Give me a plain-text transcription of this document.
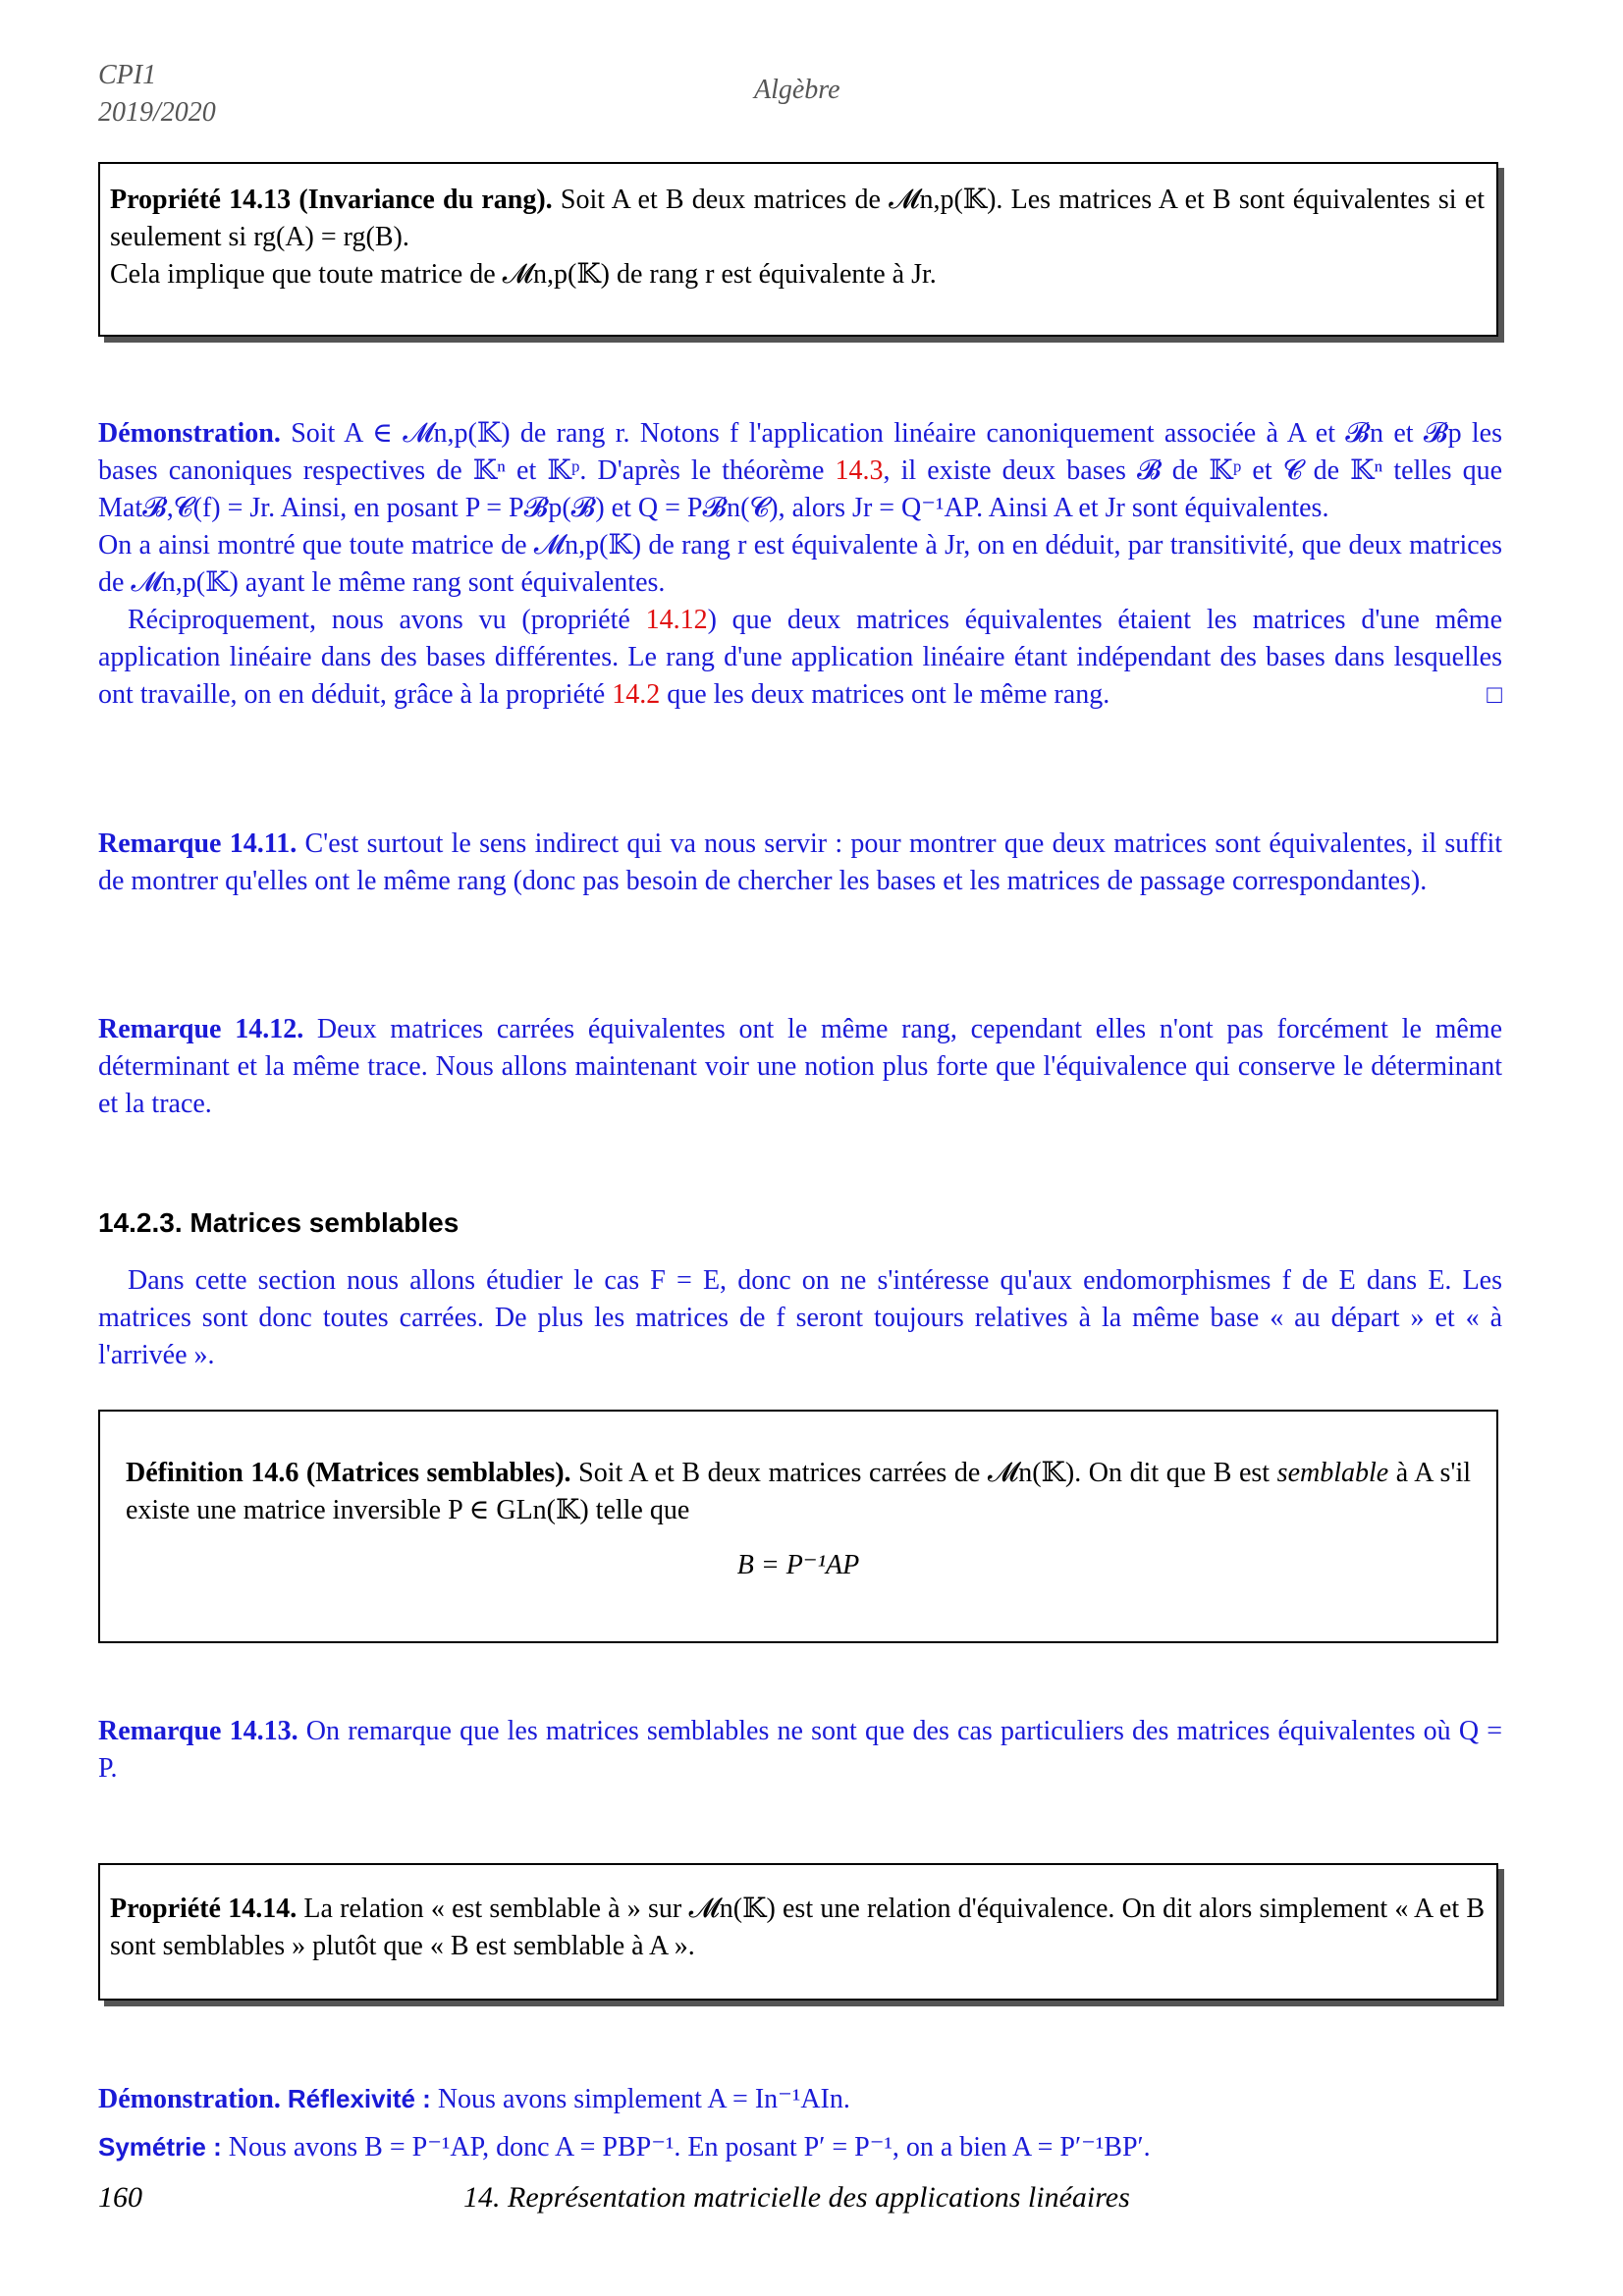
CPI1
2019/2020
Algèbre
Propriété 14.13 (Invariance du rang). Soit A et B deux matrices de 𝓜n,p(𝕂). Les matrices A et B sont équivalentes si et seulement si rg(A) = rg(B).
Cela implique que toute matrice de 𝓜n,p(𝕂) de rang r est équivalente à Jr.
Démonstration. Soit A ∈ 𝓜n,p(𝕂) de rang r. Notons f l'application linéaire canoniquement associée à A et 𝓑n et 𝓑p les bases canoniques respectives de 𝕂ⁿ et 𝕂ᵖ. D'après le théorème 14.3, il existe deux bases 𝓑 de 𝕂ᵖ et 𝓒 de 𝕂ⁿ telles que Mat𝓑,𝓒(f) = Jr. Ainsi, en posant P = P𝓑p(𝓑) et Q = P𝓑n(𝓒), alors Jr = Q⁻¹AP. Ainsi A et Jr sont équivalentes.
On a ainsi montré que toute matrice de 𝓜n,p(𝕂) de rang r est équivalente à Jr, on en déduit, par transitivité, que deux matrices de 𝓜n,p(𝕂) ayant le même rang sont équivalentes.
Réciproquement, nous avons vu (propriété 14.12) que deux matrices équivalentes étaient les matrices d'une même application linéaire dans des bases différentes. Le rang d'une application linéaire étant indépendant des bases dans lesquelles ont travaille, on en déduit, grâce à la propriété 14.2 que les deux matrices ont le même rang.	□
Remarque 14.11. C'est surtout le sens indirect qui va nous servir : pour montrer que deux matrices sont équivalentes, il suffit de montrer qu'elles ont le même rang (donc pas besoin de chercher les bases et les matrices de passage correspondantes).
Remarque 14.12. Deux matrices carrées équivalentes ont le même rang, cependant elles n'ont pas forcément le même déterminant et la même trace. Nous allons maintenant voir une notion plus forte que l'équivalence qui conserve le déterminant et la trace.
14.2.3. Matrices semblables
Dans cette section nous allons étudier le cas F = E, donc on ne s'intéresse qu'aux endomorphismes f de E dans E. Les matrices sont donc toutes carrées. De plus les matrices de f seront toujours relatives à la même base « au départ » et « à l'arrivée ».
Définition 14.6 (Matrices semblables). Soit A et B deux matrices carrées de 𝓜n(𝕂). On dit que B est semblable à A s'il existe une matrice inversible P ∈ GLn(𝕂) telle que
B = P⁻¹AP
Remarque 14.13. On remarque que les matrices semblables ne sont que des cas particuliers des matrices équivalentes où Q = P.
Propriété 14.14. La relation « est semblable à » sur 𝓜n(𝕂) est une relation d'équivalence. On dit alors simplement « A et B sont semblables » plutôt que « B est semblable à A ».
Démonstration. Réflexivité : Nous avons simplement A = In⁻¹AIn.
Symétrie : Nous avons B = P⁻¹AP, donc A = PBP⁻¹. En posant P′ = P⁻¹, on a bien A = P′⁻¹BP′.
160	14. Représentation matricielle des applications linéaires
